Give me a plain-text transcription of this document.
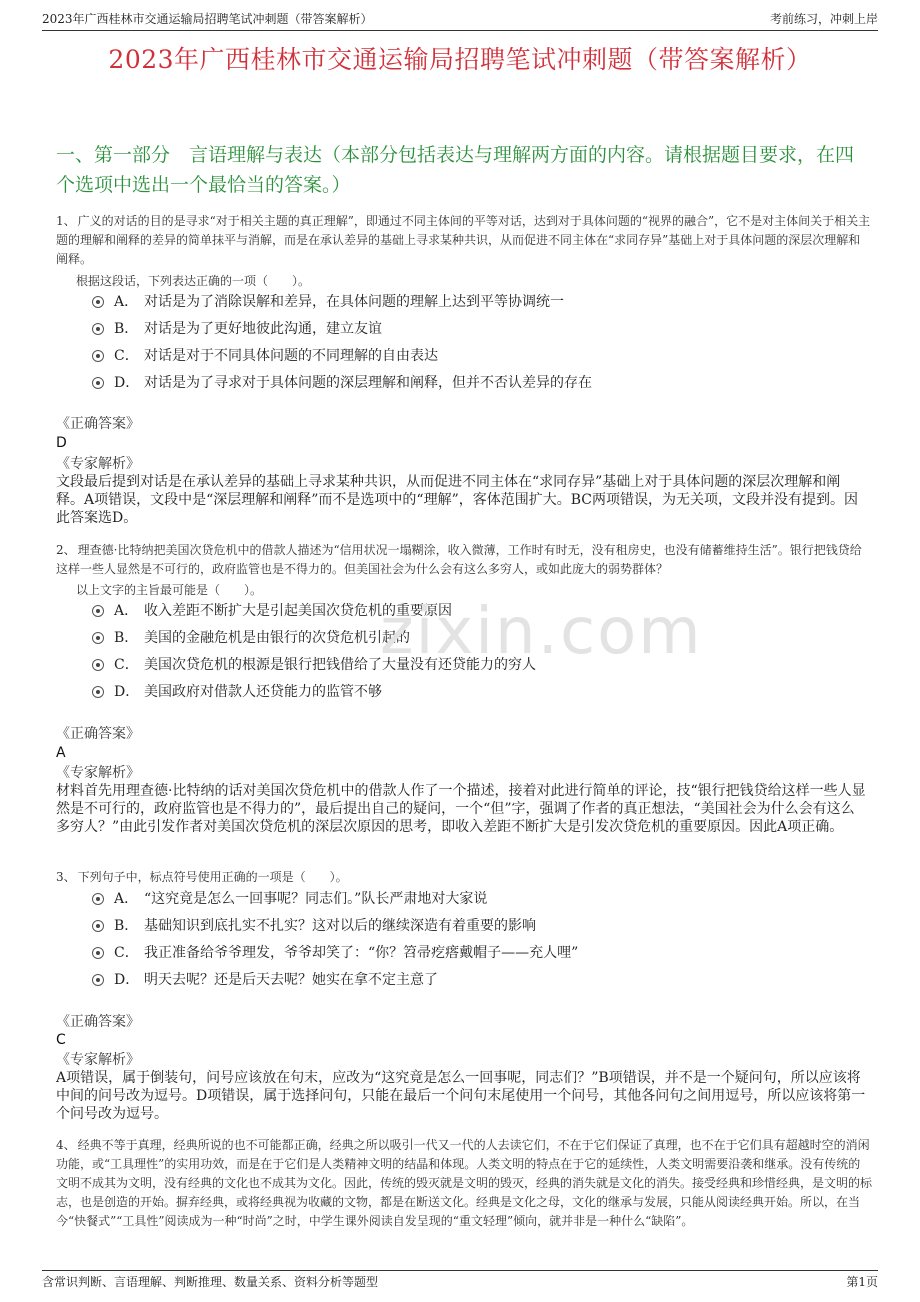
2023年广西桂林市交通运输局招聘笔试冲刺题（带答案解析）	考前练习，冲刺上岸
2023年广西桂林市交通运输局招聘笔试冲刺题（带答案解析）
一、第一部分　言语理解与表达（本部分包括表达与理解两方面的内容。请根据题目要求，在四个选项中选出一个最恰当的答案。）
1、 广义的对话的目的是寻求“对于相关主题的真正理解”，即通过不同主体间的平等对话，达到对于具体问题的“视界的融合”，它不是对主体间关于相关主题的理解和阐释的差异的简单抹平与消解，而是在承认差异的基础上寻求某种共识，从而促进不同主体在“求同存异”基础上对于具体问题的深层次理解和阐释。
根据这段话，下列表达正确的一项（　　）。
A． 对话是为了消除误解和差异，在具体问题的理解上达到平等协调统一
B． 对话是为了更好地彼此沟通，建立友谊
C． 对话是对于不同具体问题的不同理解的自由表达
D． 对话是为了寻求对于具体问题的深层理解和阐释，但并不否认差异的存在
《正确答案》
D
《专家解析》
文段最后提到对话是在承认差异的基础上寻求某种共识，从而促进不同主体在“求同存异”基础上对于具体问题的深层次理解和阐释。A项错误，文段中是“深层理解和阐释”而不是选项中的“理解”，客体范围扩大。BC两项错误，为无关项，文段并没有提到。因此答案选D。
2、 理查德·比特纳把美国次贷危机中的借款人描述为“信用状况一塌糊涂，收入微薄，工作时有时无，没有租房史，也没有储蓄维持生活”。银行把钱贷给这样一些人显然是不可行的，政府监管也是不得力的。但美国社会为什么会有这么多穷人，或如此庞大的弱势群体？
以上文字的主旨最可能是（　　）。
A． 收入差距不断扩大是引起美国次贷危机的重要原因
B． 美国的金融危机是由银行的次贷危机引起的
C． 美国次贷危机的根源是银行把钱借给了大量没有还贷能力的穷人
D． 美国政府对借款人还贷能力的监管不够
《正确答案》
A
《专家解析》
材料首先用理查德·比特纳的话对美国次贷危机中的借款人作了一个描述，接着对此进行简单的评论，技“银行把钱贷给这样一些人显然是不可行的，政府监管也是不得力的”，最后提出自己的疑问，一个“但”字，强调了作者的真正想法，“美国社会为什么会有这么多穷人？”由此引发作者对美国次贷危机的深层次原因的思考，即收入差距不断扩大是引发次贷危机的重要原因。因此A项正确。
3、 下列句子中，标点符号使用正确的一项是（　　）。
A． “这究竟是怎么一回事呢？同志们。”队长严肃地对大家说
B． 基础知识到底扎实不扎实？这对以后的继续深造有着重要的影响
C． 我正准备给爷爷理发，爷爷却笑了：“你？笤帚疙瘩戴帽子——充人哩”
D． 明天去呢？还是后天去呢？她实在拿不定主意了
《正确答案》
C
《专家解析》
A项错误，属于倒装句，问号应该放在句末，应改为“这究竟是怎么一回事呢，同志们？”B项错误，并不是一个疑问句，所以应该将中间的问号改为逗号。D项错误，属于选择问句，只能在最后一个问句末尾使用一个问号，其他各问句之间用逗号，所以应该将第一个问号改为逗号。
4、 经典不等于真理，经典所说的也不可能都正确，经典之所以吸引一代又一代的人去读它们，不在于它们保证了真理，也不在于它们具有超越时空的消闲功能，或“工具理性”的实用功效，而是在于它们是人类精神文明的结晶和体现。人类文明的特点在于它的延续性，人类文明需要沿袭和继承。没有传统的文明不成其为文明，没有经典的文化也不成其为文化。因此，传统的毁灭就是文明的毁灭，经典的消失就是文化的消失。接受经典和珍惜经典，是文明的标志，也是创造的开始。摒弃经典，或将经典视为收藏的文物，都是在断送文化。经典是文化之母，文化的继承与发展，只能从阅读经典开始。所以，在当今“快餐式”“工具性”阅读成为一种“时尚”之时，中学生课外阅读自发呈现的“重文轻理”倾向，就并非是一种什么“缺陷”。
zixin.com
含常识判断、言语理解、判断推理、数量关系、资料分析等题型	第1页
